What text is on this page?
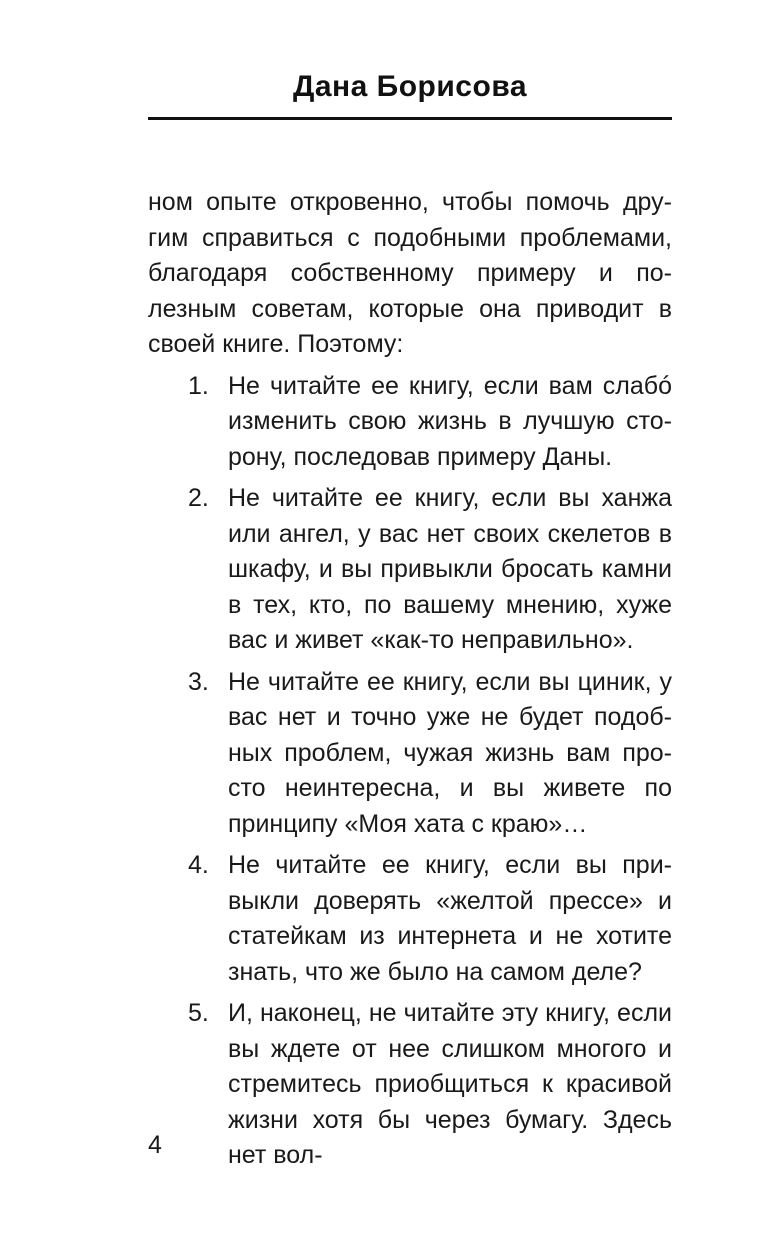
Дана Борисова

ном опыте откровенно, чтобы помочь другим справиться с подобными проблемами, благодаря собственному примеру и полезным советам, которые она приводит в своей книге. Поэтому:

1. Не читайте ее книгу, если вам слабó изменить свою жизнь в лучшую сторону, последовав примеру Даны.
2. Не читайте ее книгу, если вы ханжа или ангел, у вас нет своих скелетов в шкафу, и вы привыкли бросать камни в тех, кто, по вашему мнению, хуже вас и живет «как-то неправильно».
3. Не читайте ее книгу, если вы циник, у вас нет и точно уже не будет подобных проблем, чужая жизнь вам просто неинтересна, и вы живете по принципу «Моя хата с краю»…
4. Не читайте ее книгу, если вы привыкли доверять «желтой прессе» и статейкам из интернета и не хотите знать, что же было на самом деле?
5. И, наконец, не читайте эту книгу, если вы ждете от нее слишком многого и стремитесь приобщиться к красивой жизни хотя бы через бумагу. Здесь нет вол-
4
